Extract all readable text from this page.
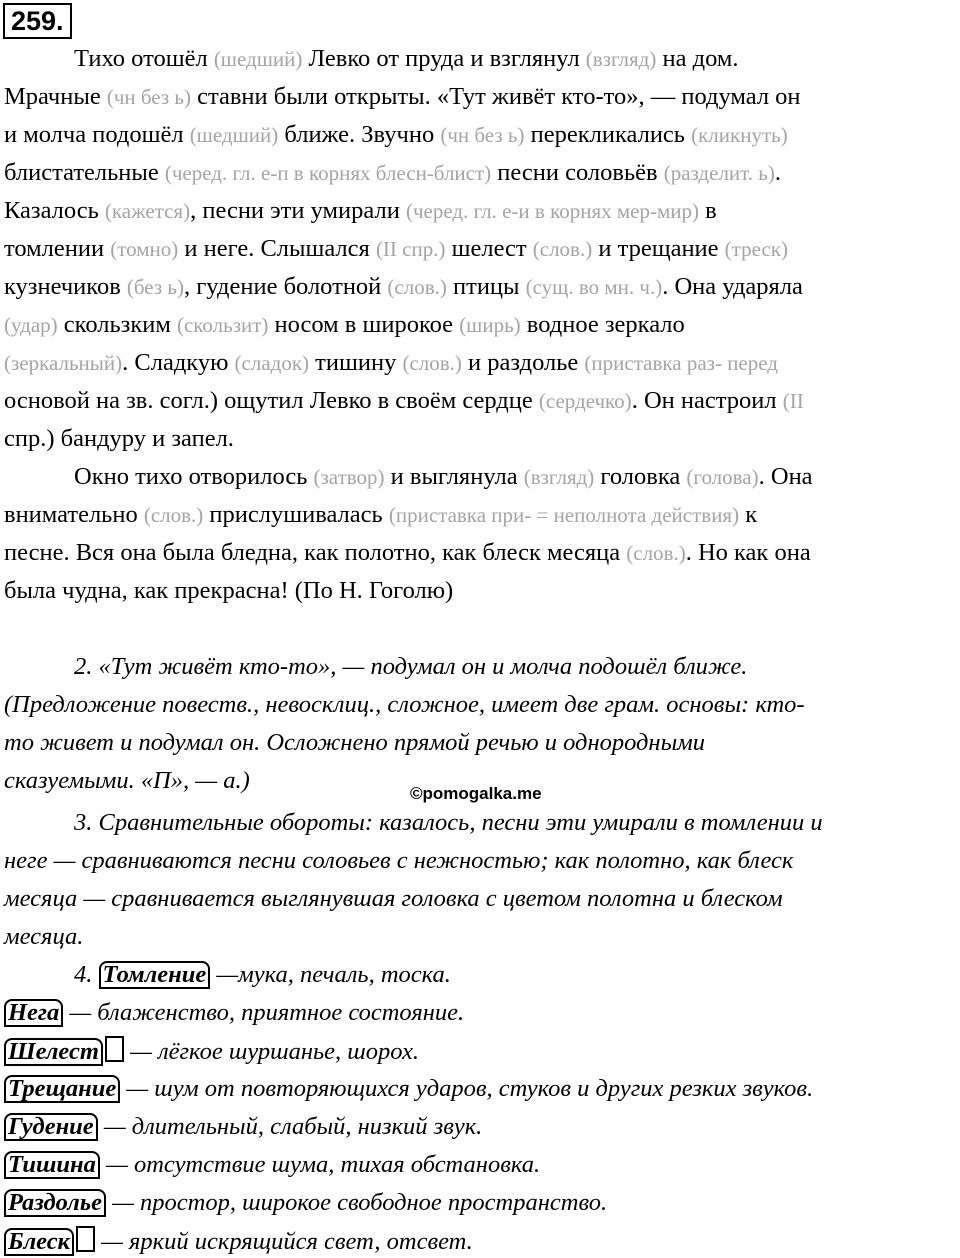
259.
Тихо отошёл (шедший) Левко от пруда и взглянул (взгляд) на дом.
Мрачные (чн без ь) ставни были открыты. «Тут живёт кто-то», — подумал он
и молча подошёл (шедший) ближе. Звучно (чн без ь) перекликались (кликнуть)
блистательные (черед. гл. е-п в корнях блесн-блист) песни соловьёв (разделит. ь).
Казалось (кажется), песни эти умирали (черед. гл. е-и в корнях мер-мир) в
томлении (томно) и неге. Слышался (II спр.) шелест (слов.) и трещание (треск)
кузнечиков (без ь), гудение болотной (слов.) птицы (сущ. во мн. ч.). Она ударяла
(удар) скользким (скользит) носом в широкое (ширь) водное зеркало
(зеркальный). Сладкую (сладок) тишину (слов.) и раздолье (приставка раз- перед
основой на зв. согл.) ощутил Левко в своём сердце (сердечко). Он настроил (II
спр.) бандуру и запел.
Окно тихо отворилось (затвор) и выглянула (взгляд) головка (голова). Она
внимательно (слов.) прислушивалась (приставка при- = неполнота действия) к
песне. Вся она была бледна, как полотно, как блеск месяца (слов.). Но как она
была чудна, как прекрасна! (По Н. Гоголю)
2. «Тут живёт кто-то», — подумал он и молча подошёл ближе.
(Предложение повеств., невосклиц., сложное, имеет две грам. основы: кто-
то живет и подумал он. Осложнено прямой речью и однородными
сказуемыми. «П», — а.)
3. Сравнительные обороты: казалось, песни эти умирали в томлении и
неге — сравниваются песни соловьев с нежностью; как полотно, как блеск
месяца — сравнивается выглянувшая головка с цветом полотна и блеском
месяца.
©pomogalka.me
4. Томление —мука, печаль, тоска.
Нега — блаженство, приятное состояние.
Шелест — лёгкое шуршанье, шорох.
Трещание — шум от повторяющихся ударов, стуков и других резких звуков.
Гудение — длительный, слабый, низкий звук.
Тишина — отсутствие шума, тихая обстановка.
Раздолье — простор, широкое свободное пространство.
Блеск — яркий искрящийся свет, отсвет.
